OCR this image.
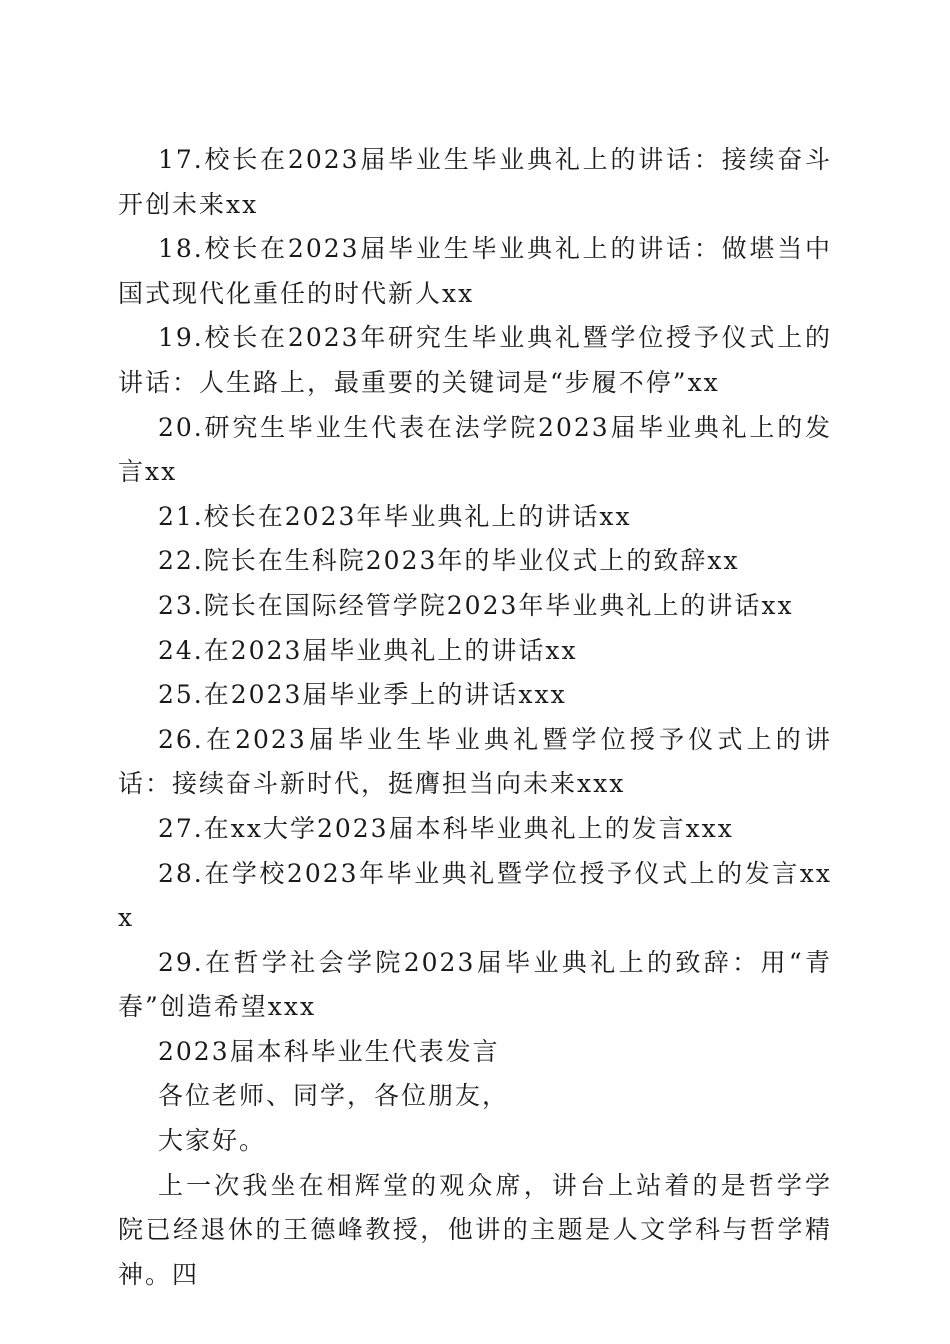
17.校长在2023届毕业生毕业典礼上的讲话：接续奋斗开创未来xx

18.校长在2023届毕业生毕业典礼上的讲话：做堪当中国式现代化重任的时代新人xx

19.校长在2023年研究生毕业典礼暨学位授予仪式上的讲话：人生路上，最重要的关键词是“步履不停”xx

20.研究生毕业生代表在法学院2023届毕业典礼上的发言xx

21.校长在2023年毕业典礼上的讲话xx

22.院长在生科院2023年的毕业仪式上的致辞xx

23.院长在国际经管学院2023年毕业典礼上的讲话xx

24.在2023届毕业典礼上的讲话xx

25.在2023届毕业季上的讲话xxx

26.在2023届毕业生毕业典礼暨学位授予仪式上的讲话：接续奋斗新时代，挺膺担当向未来xxx

27.在xx大学2023届本科毕业典礼上的发言xxx

28.在学校2023年毕业典礼暨学位授予仪式上的发言xxx

29.在哲学社会学院2023届毕业典礼上的致辞：用“青春”创造希望xxx

2023届本科毕业生代表发言

各位老师、同学，各位朋友，

大家好。

上一次我坐在相辉堂的观众席，讲台上站着的是哲学学院已经退休的王德峰教授，他讲的主题是人文学科与哲学精神。四
